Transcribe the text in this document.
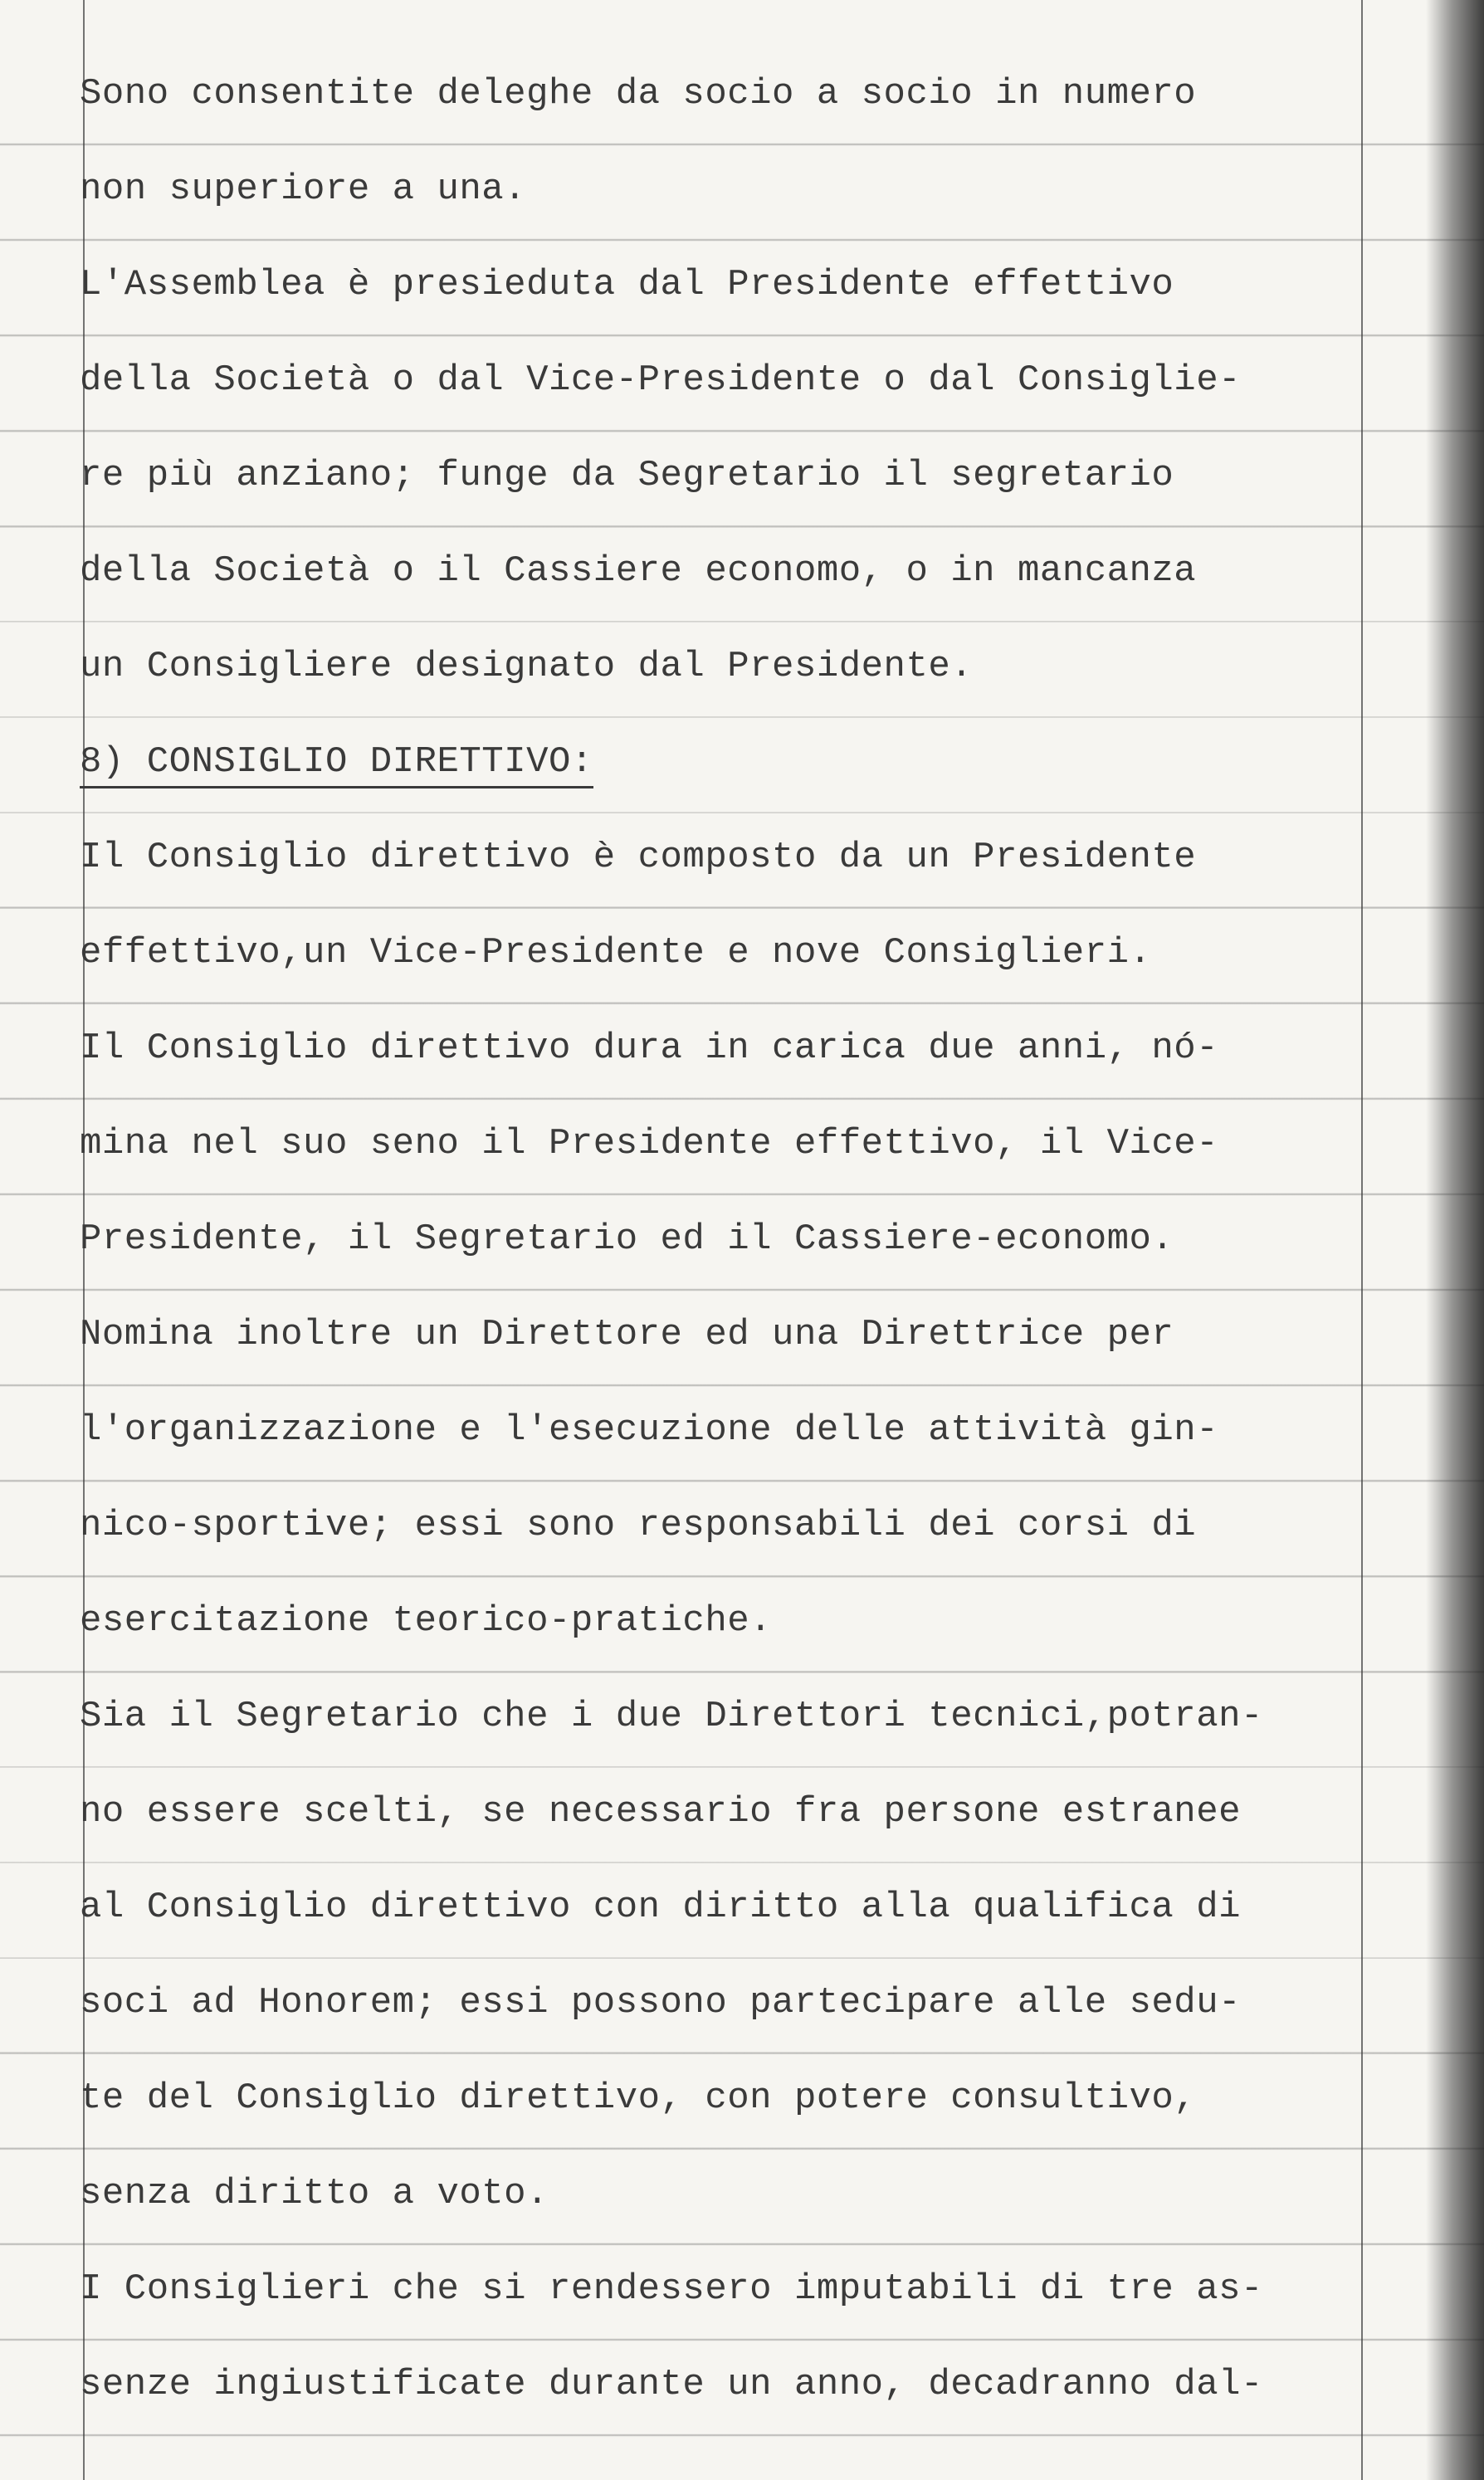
Sono consentite deleghe da socio a socio in numero
non superiore a una.
L'Assemblea è presieduta dal Presidente effettivo
della Società o dal Vice-Presidente o dal Consiglie-
re più anziano; funge da Segretario il segretario
della Società o il Cassiere economo, o in mancanza
un Consigliere designato dal Presidente.
8) CONSIGLIO DIRETTIVO:
Il Consiglio direttivo è composto da un Presidente
effettivo,un Vice-Presidente e nove Consiglieri.
Il Consiglio direttivo dura in carica due anni, nó-
mina nel suo seno il Presidente effettivo, il Vice-
Presidente, il Segretario ed il Cassiere-economo.
Nomina inoltre un Direttore ed una Direttrice per
l'organizzazione e l'esecuzione delle attività gin-
nico-sportive; essi sono responsabili dei corsi di
esercitazione teorico-pratiche.
Sia il Segretario che i due Direttori tecnici,potran-
no essere scelti, se necessario fra persone estranee
al Consiglio direttivo con diritto alla qualifica di
soci ad Honorem; essi possono partecipare alle sedu-
te del Consiglio direttivo, con potere consultivo,
senza diritto a voto.
I Consiglieri che si rendessero imputabili di tre as-
senze ingiustificate durante un anno, decadranno dal-
